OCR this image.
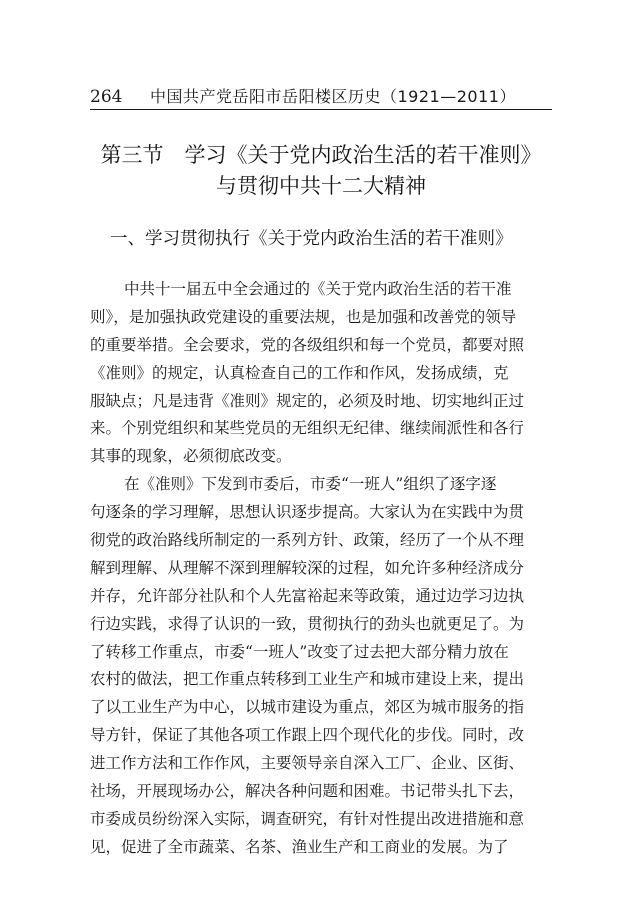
264	中国共产党岳阳市岳阳楼区历史（1921—2011）
第三节　学习《关于党内政治生活的若干准则》
与贯彻中共十二大精神
一、学习贯彻执行《关于党内政治生活的若干准则》
中共十一届五中全会通过的《关于党内政治生活的若干准
则》，是加强执政党建设的重要法规，也是加强和改善党的领导
的重要举措。全会要求，党的各级组织和每一个党员，都要对照
《准则》的规定，认真检查自己的工作和作风，发扬成绩，克
服缺点；凡是违背《准则》规定的，必须及时地、切实地纠正过
来。个别党组织和某些党员的无组织无纪律、继续闹派性和各行
其事的现象，必须彻底改变。
在《准则》下发到市委后，市委“一班人”组织了逐字逐
句逐条的学习理解，思想认识逐步提高。大家认为在实践中为贯
彻党的政治路线所制定的一系列方针、政策，经历了一个从不理
解到理解、从理解不深到理解较深的过程，如允许多种经济成分
并存，允许部分社队和个人先富裕起来等政策，通过边学习边执
行边实践，求得了认识的一致，贯彻执行的劲头也就更足了。为
了转移工作重点，市委“一班人”改变了过去把大部分精力放在
农村的做法，把工作重点转移到工业生产和城市建设上来，提出
了以工业生产为中心，以城市建设为重点，郊区为城市服务的指
导方针，保证了其他各项工作跟上四个现代化的步伐。同时，改
进工作方法和工作作风，主要领导亲自深入工厂、企业、区街、
社场，开展现场办公，解决各种问题和困难。书记带头扎下去，
市委成员纷纷深入实际，调查研究，有针对性提出改进措施和意
见，促进了全市蔬菜、名茶、渔业生产和工商业的发展。为了
